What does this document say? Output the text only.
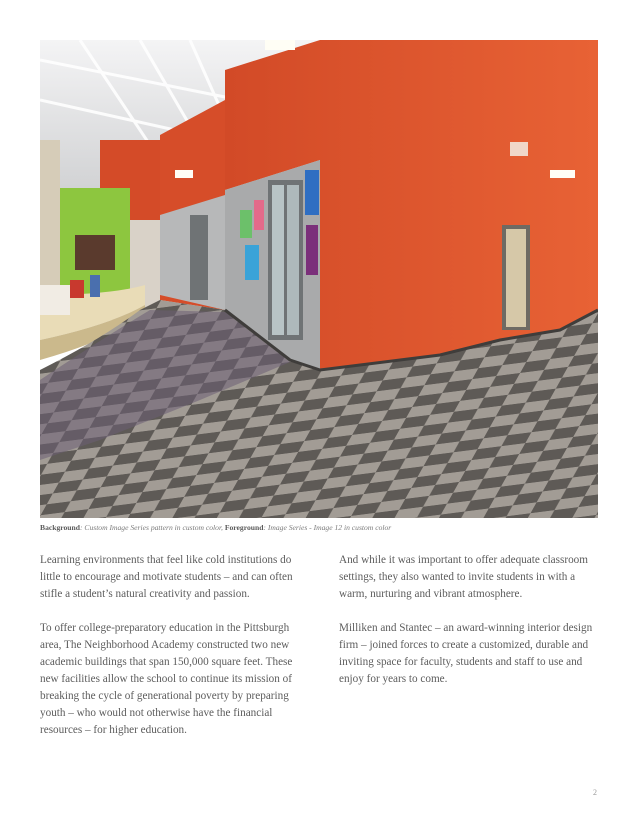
Background: Custom Image Series pattern in custom color, Foreground: Image Series - Image 12 in custom color

Learning environments that feel like cold institutions do little to encourage and motivate students – and can often stifle a student’s natural creativity and passion.

To offer college-preparatory education in the Pittsburgh area, The Neighborhood Academy constructed two new academic buildings that span 150,000 square feet. These new facilities allow the school to continue its mission of breaking the cycle of generational poverty by preparing youth – who would not otherwise have the financial resources – for higher education.

And while it was important to offer adequate classroom settings, they also wanted to invite students in with a warm, nurturing and vibrant atmosphere.

Milliken and Stantec – an award-winning interior design firm – joined forces to create a customized, durable and inviting space for faculty, students and staff to use and enjoy for years to come.

2
